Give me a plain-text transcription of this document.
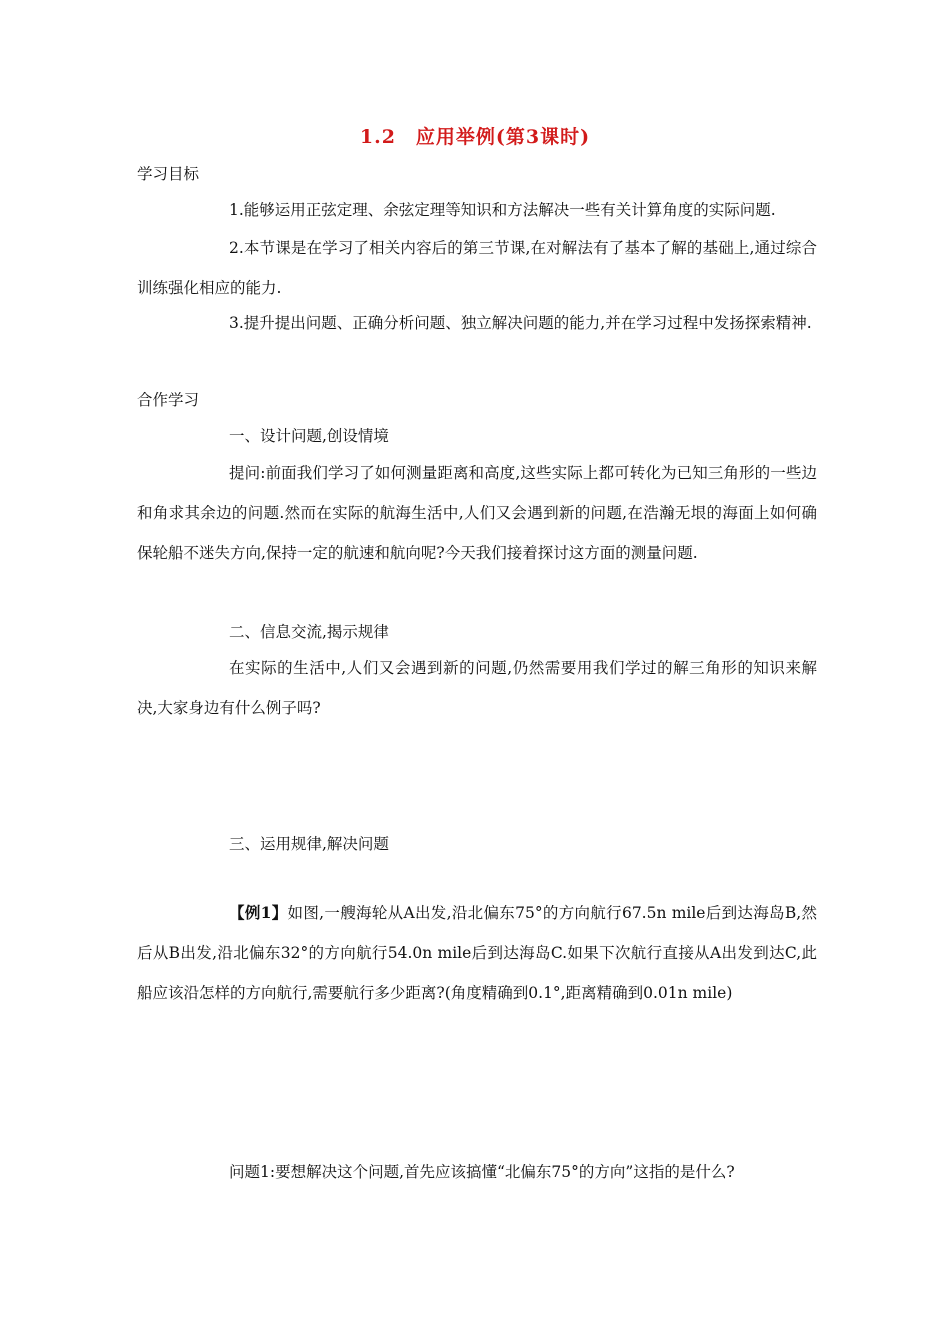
1.2　应用举例(第3课时)
学习目标
1.能够运用正弦定理、余弦定理等知识和方法解决一些有关计算角度的实际问题.
2.本节课是在学习了相关内容后的第三节课,在对解法有了基本了解的基础上,通过综合训练强化相应的能力.
3.提升提出问题、正确分析问题、独立解决问题的能力,并在学习过程中发扬探索精神.
合作学习
一、设计问题,创设情境
提问:前面我们学习了如何测量距离和高度,这些实际上都可转化为已知三角形的一些边和角求其余边的问题.然而在实际的航海生活中,人们又会遇到新的问题,在浩瀚无垠的海面上如何确保轮船不迷失方向,保持一定的航速和航向呢?今天我们接着探讨这方面的测量问题.
二、信息交流,揭示规律
在实际的生活中,人们又会遇到新的问题,仍然需要用我们学过的解三角形的知识来解决,大家身边有什么例子吗?
三、运用规律,解决问题
【例1】如图,一艘海轮从A出发,沿北偏东75°的方向航行67.5n mile后到达海岛B,然后从B出发,沿北偏东32°的方向航行54.0n mile后到达海岛C.如果下次航行直接从A出发到达C,此船应该沿怎样的方向航行,需要航行多少距离?(角度精确到0.1°,距离精确到0.01n mile)
问题1:要想解决这个问题,首先应该搞懂“北偏东75°的方向”这指的是什么?
